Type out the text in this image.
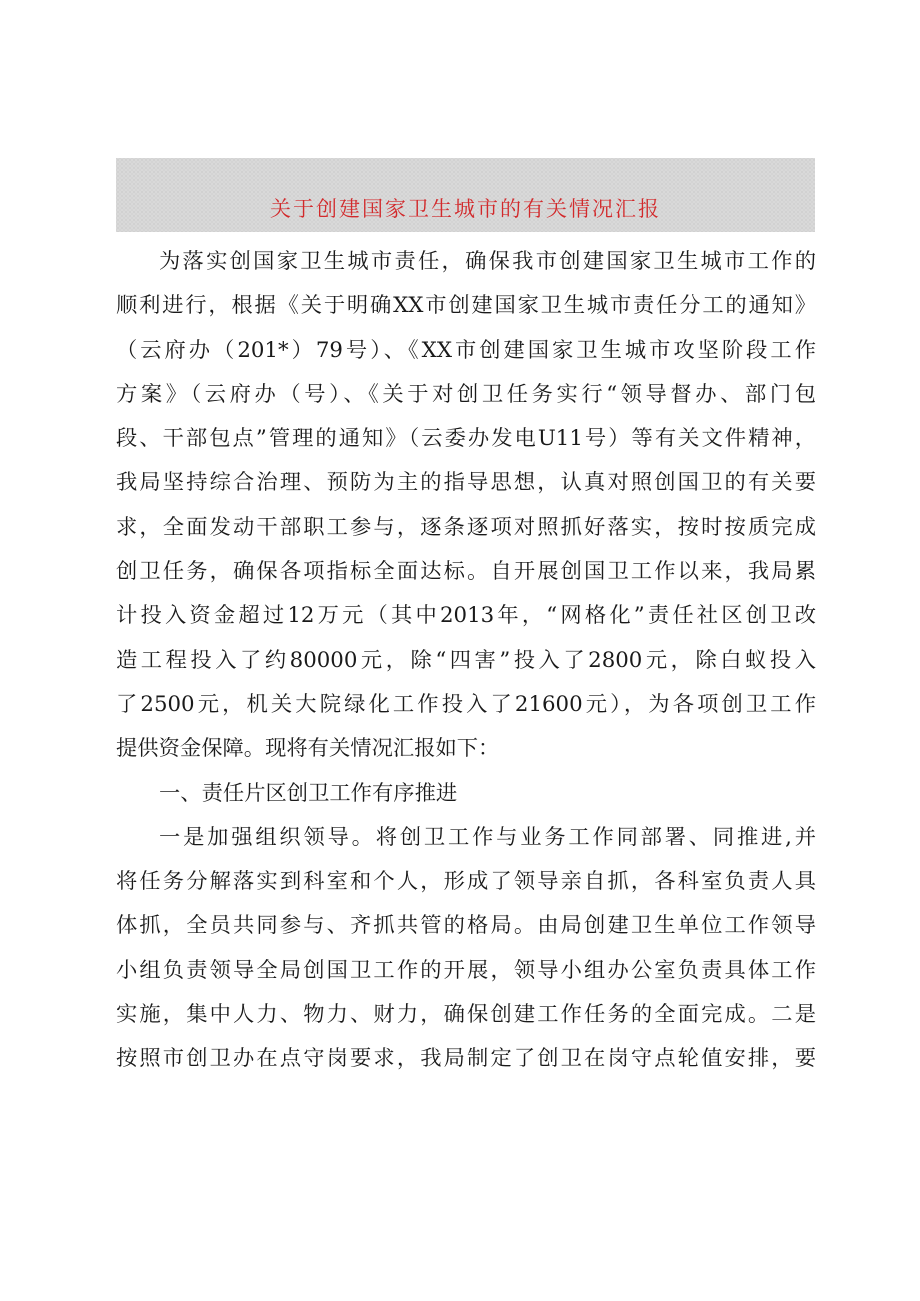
关于创建国家卫生城市的有关情况汇报
为落实创国家卫生城市责任，确保我市创建国家卫生城市工作的
顺利进行，根据《关于明确XX市创建国家卫生城市责任分工的通知》
（云府办（201*）79号）、《XX市创建国家卫生城市攻坚阶段工作
方案》（云府办（号）、《关于对创卫任务实行“领导督办、部门包
段、干部包点”管理的通知》（云委办发电U11号）等有关文件精神，
我局坚持综合治理、预防为主的指导思想，认真对照创国卫的有关要
求，全面发动干部职工参与，逐条逐项对照抓好落实，按时按质完成
创卫任务，确保各项指标全面达标。自开展创国卫工作以来，我局累
计投入资金超过12万元（其中2013年，“网格化”责任社区创卫改
造工程投入了约80000元，除“四害”投入了2800元，除白蚁投入
了2500元，机关大院绿化工作投入了21600元），为各项创卫工作
提供资金保障。现将有关情况汇报如下：
一、责任片区创卫工作有序推进
一是加强组织领导。将创卫工作与业务工作同部署、同推进,并
将任务分解落实到科室和个人，形成了领导亲自抓，各科室负责人具
体抓，全员共同参与、齐抓共管的格局。由局创建卫生单位工作领导
小组负责领导全局创国卫工作的开展，领导小组办公室负责具体工作
实施，集中人力、物力、财力，确保创建工作任务的全面完成。二是
按照市创卫办在点守岗要求，我局制定了创卫在岗守点轮值安排，要
